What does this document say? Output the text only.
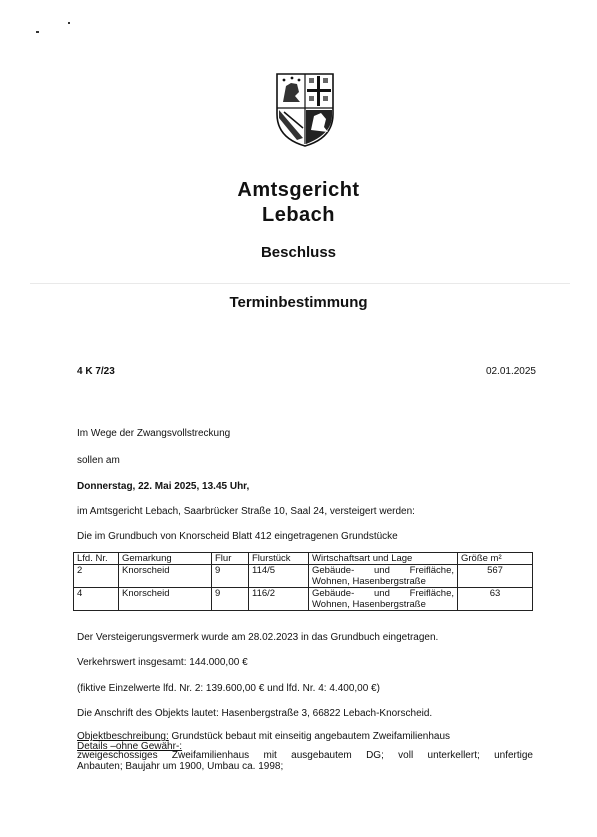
Amtsgericht
Lebach
Beschluss
Terminbestimmung
4 K 7/23	02.01.2025
Im Wege der Zwangsvollstreckung
sollen am
Donnerstag, 22. Mai 2025, 13.45 Uhr,
im Amtsgericht Lebach, Saarbrücker Straße 10, Saal 24, versteigert werden:
Die im Grundbuch von Knorscheid Blatt 412 eingetragenen Grundstücke
Lfd. Nr.	Gemarkung	Flur	Flurstück	Wirtschaftsart und Lage	Größe m²
2	Knorscheid	9	114/5	Gebäude- und Freifläche,
Wohnen, Hasenbergstraße	567
4	Knorscheid	9	116/2	Gebäude- und Freifläche,
Wohnen, Hasenbergstraße	63
Der Versteigerungsvermerk wurde am 28.02.2023 in das Grundbuch eingetragen.
Verkehrswert insgesamt: 144.000,00 €
(fiktive Einzelwerte lfd. Nr. 2: 139.600,00 € und lfd. Nr. 4: 4.400,00 €)
Die Anschrift des Objekts lautet: Hasenbergstraße 3, 66822 Lebach-Knorscheid.
Objektbeschreibung: Grundstück bebaut mit einseitig angebautem Zweifamilienhaus
Details –ohne Gewähr-:
zweigeschossiges Zweifamilienhaus mit ausgebautem DG; voll unterkellert; unfertige
Anbauten; Baujahr um 1900, Umbau ca. 1998;
